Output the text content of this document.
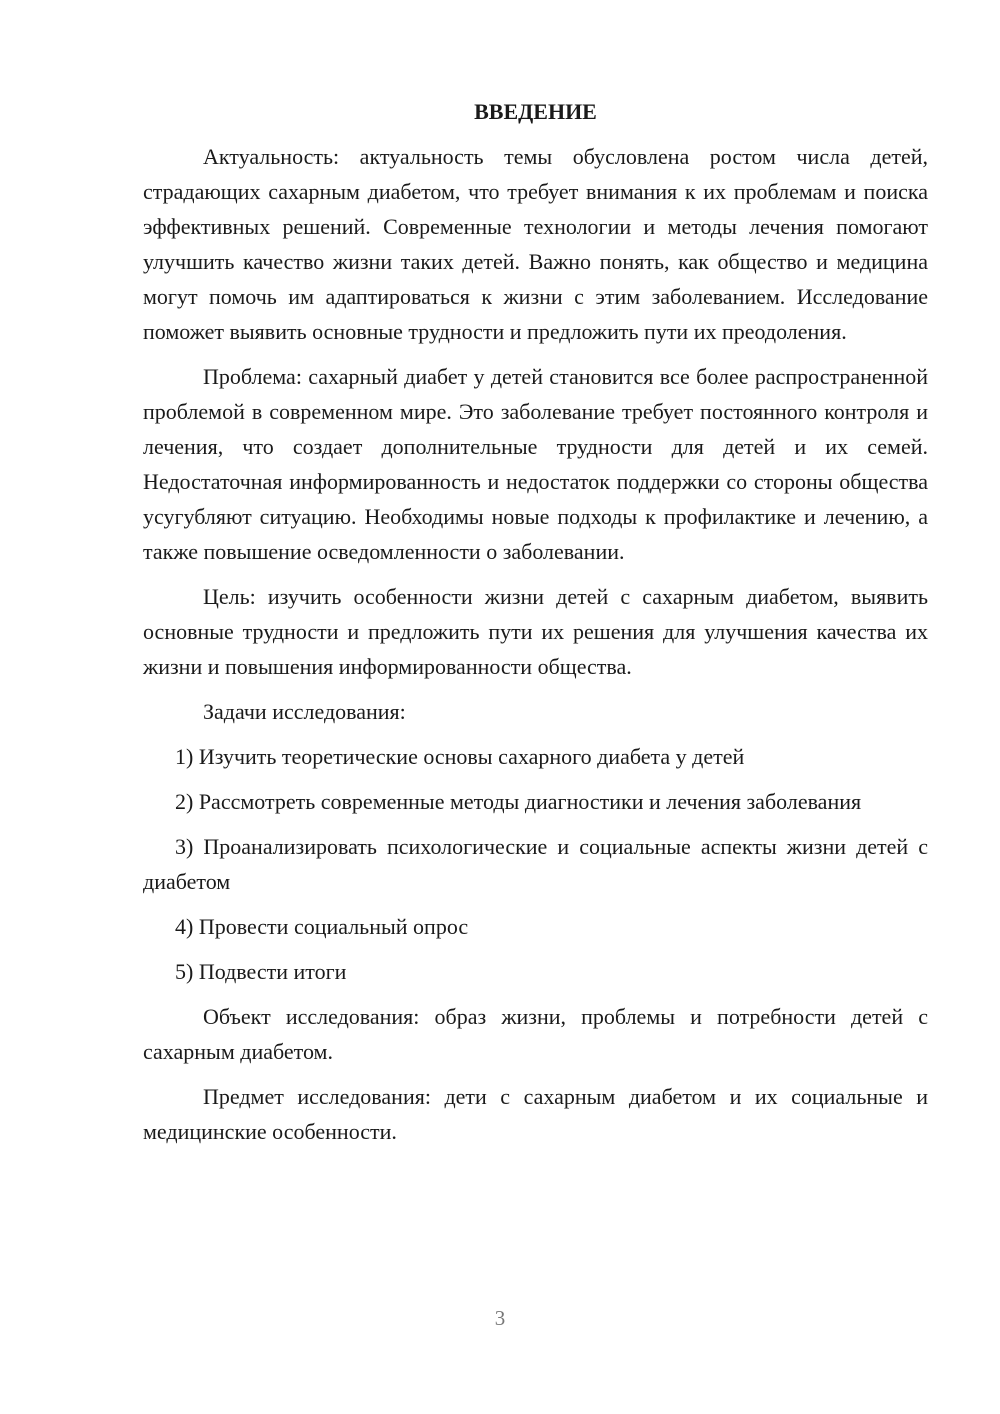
ВВЕДЕНИЕ

Актуальность: актуальность темы обусловлена ростом числа детей, страдающих сахарным диабетом, что требует внимания к их проблемам и поиска эффективных решений. Современные технологии и методы лечения помогают улучшить качество жизни таких детей. Важно понять, как общество и медицина могут помочь им адаптироваться к жизни с этим заболеванием. Исследование поможет выявить основные трудности и предложить пути их преодоления.

Проблема: сахарный диабет у детей становится все более распространенной проблемой в современном мире. Это заболевание требует постоянного контроля и лечения, что создает дополнительные трудности для детей и их семей. Недостаточная информированность и недостаток поддержки со стороны общества усугубляют ситуацию. Необходимы новые подходы к профилактике и лечению, а также повышение осведомленности о заболевании.

Цель: изучить особенности жизни детей с сахарным диабетом, выявить основные трудности и предложить пути их решения для улучшения качества их жизни и повышения информированности общества.

Задачи исследования:

1) Изучить теоретические основы сахарного диабета у детей

2) Рассмотреть современные методы диагностики и лечения заболевания

3) Проанализировать психологические и социальные аспекты жизни детей с диабетом

4) Провести социальный опрос

5) Подвести итоги

Объект исследования: образ жизни, проблемы и потребности детей с сахарным диабетом.

Предмет исследования: дети с сахарным диабетом и их социальные и медицинские особенности.

3
